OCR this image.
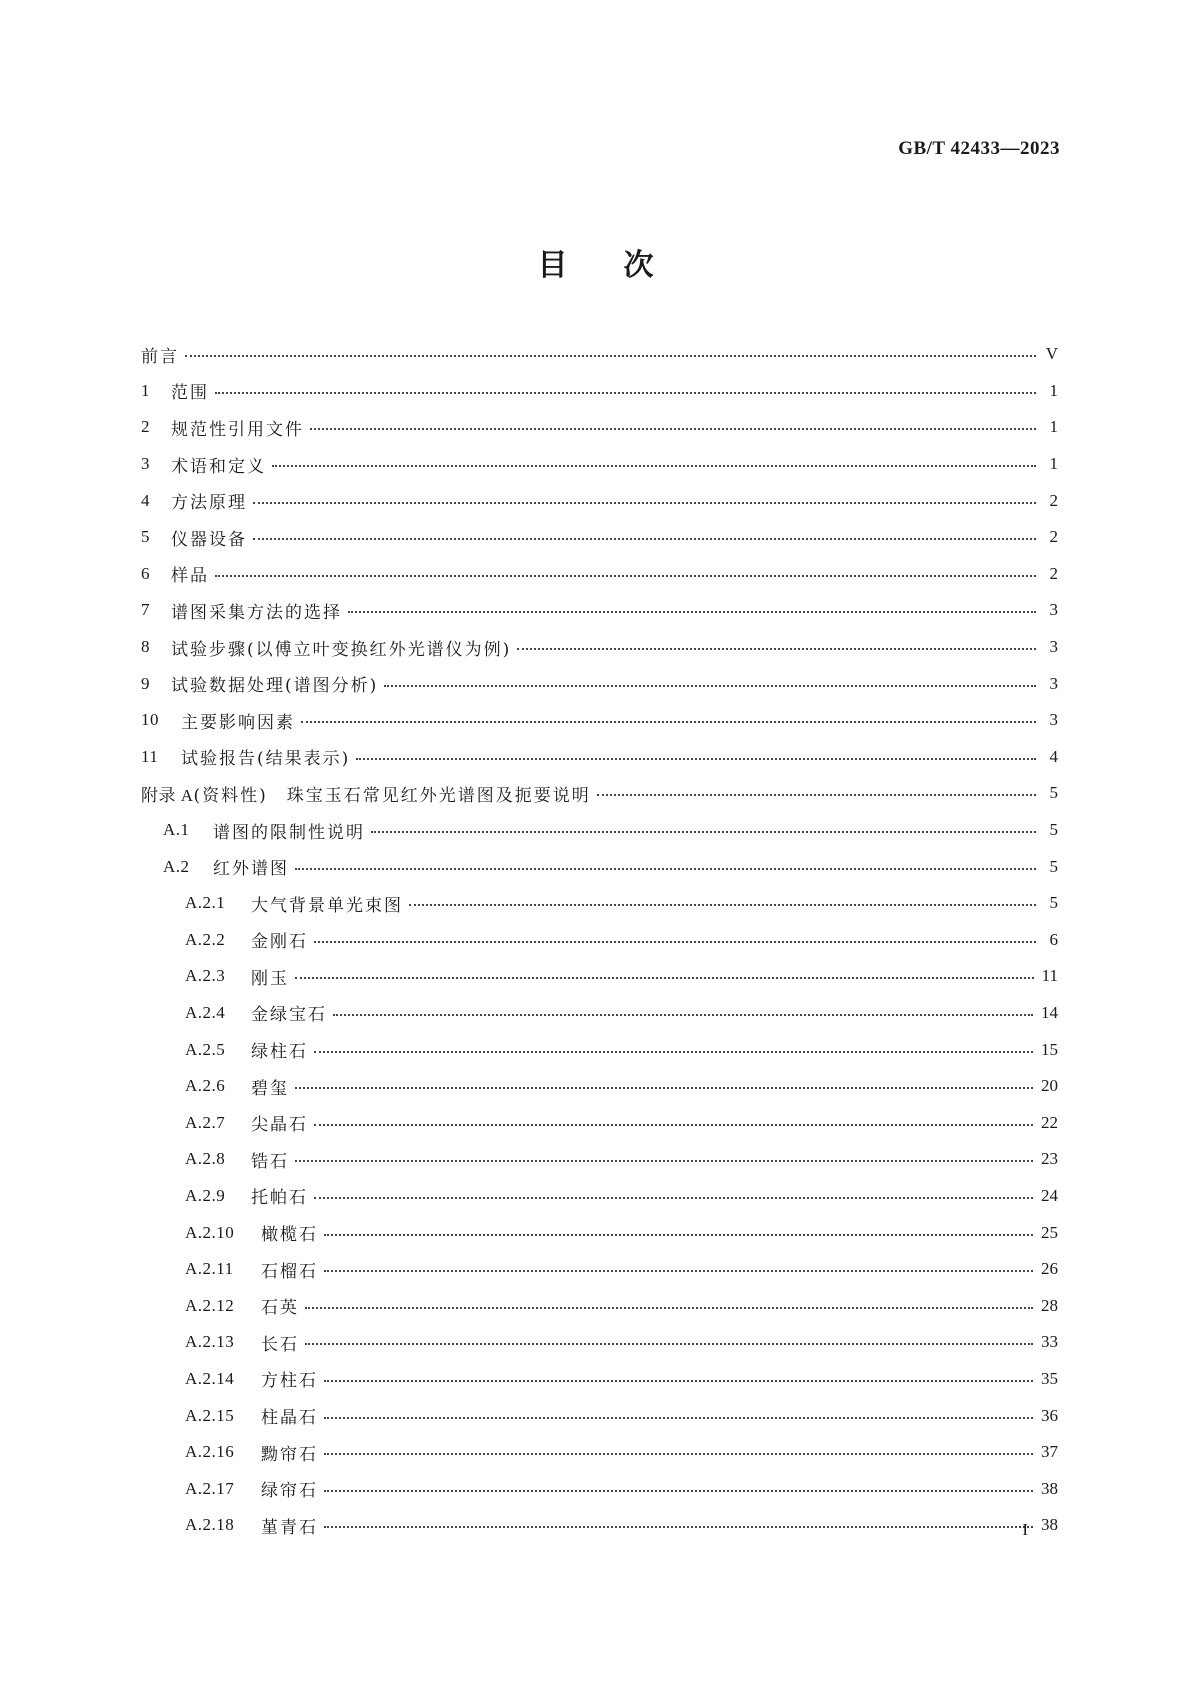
GB/T 42433—2023
目次
前言	V
1	范围	1
2	规范性引用文件	1
3	术语和定义	1
4	方法原理	2
5	仪器设备	2
6	样品	2
7	谱图采集方法的选择	3
8	试验步骤(以傅立叶变换红外光谱仪为例)	3
9	试验数据处理(谱图分析)	3
10	主要影响因素	3
11	试验报告(结果表示)	4
附录 A (资料性)　珠宝玉石常见红外光谱图及扼要说明	5
A.1	谱图的限制性说明	5
A.2	红外谱图	5
A.2.1	大气背景单光束图	5
A.2.2	金刚石	6
A.2.3	刚玉	11
A.2.4	金绿宝石	14
A.2.5	绿柱石	15
A.2.6	碧玺	20
A.2.7	尖晶石	22
A.2.8	锆石	23
A.2.9	托帕石	24
A.2.10	橄榄石	25
A.2.11	石榴石	26
A.2.12	石英	28
A.2.13	长石	33
A.2.14	方柱石	35
A.2.15	柱晶石	36
A.2.16	黝帘石	37
A.2.17	绿帘石	38
A.2.18	堇青石	38
I
